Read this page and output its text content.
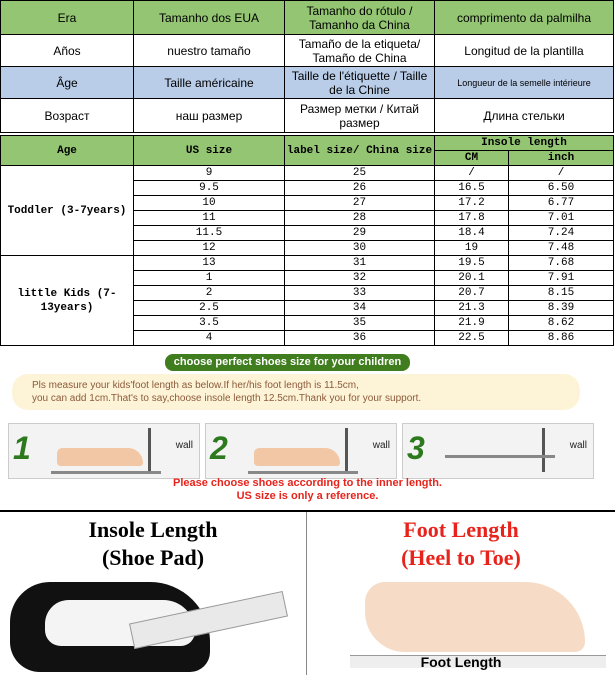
Era	Tamanho dos EUA	Tamanho do rótulo / Tamanho da China	comprimento da palmilha
Años	nuestro tamaño	Tamaño de la etiqueta/ Tamaño de China	Longitud de la plantilla
Âge	Taille américaine	Taille de l'étiquette / Taille de la Chine	Longueur de la semelle intérieure
Возраст	наш размер	Размер метки / Китай размер	Длина стельки
Age	US size	label size/ China size	Insole length	
			CM	inch
Toddler (3-7years)	9	25	/	/
	9.5	26	16.5	6.50
	10	27	17.2	6.77
	11	28	17.8	7.01
	11.5	29	18.4	7.24
	12	30	19	7.48
little Kids (7-13years)	13	31	19.5	7.68
	1	32	20.1	7.91
	2	33	20.7	8.15
	2.5	34	21.3	8.39
	3.5	35	21.9	8.62
	4	36	22.5	8.86
choose perfect shoes size for your children
Pls measure your kids'foot length as below.If her/his foot length is 11.5cm,
you can add 1cm.That's to say,choose insole length 12.5cm.Thank you for your support.
1	wall 2	wall 3	wall
Please choose shoes according to the inner length.
US size is only a reference.
Insole Length
(Shoe Pad)
Foot Length
(Heel to Toe)
Foot Length
